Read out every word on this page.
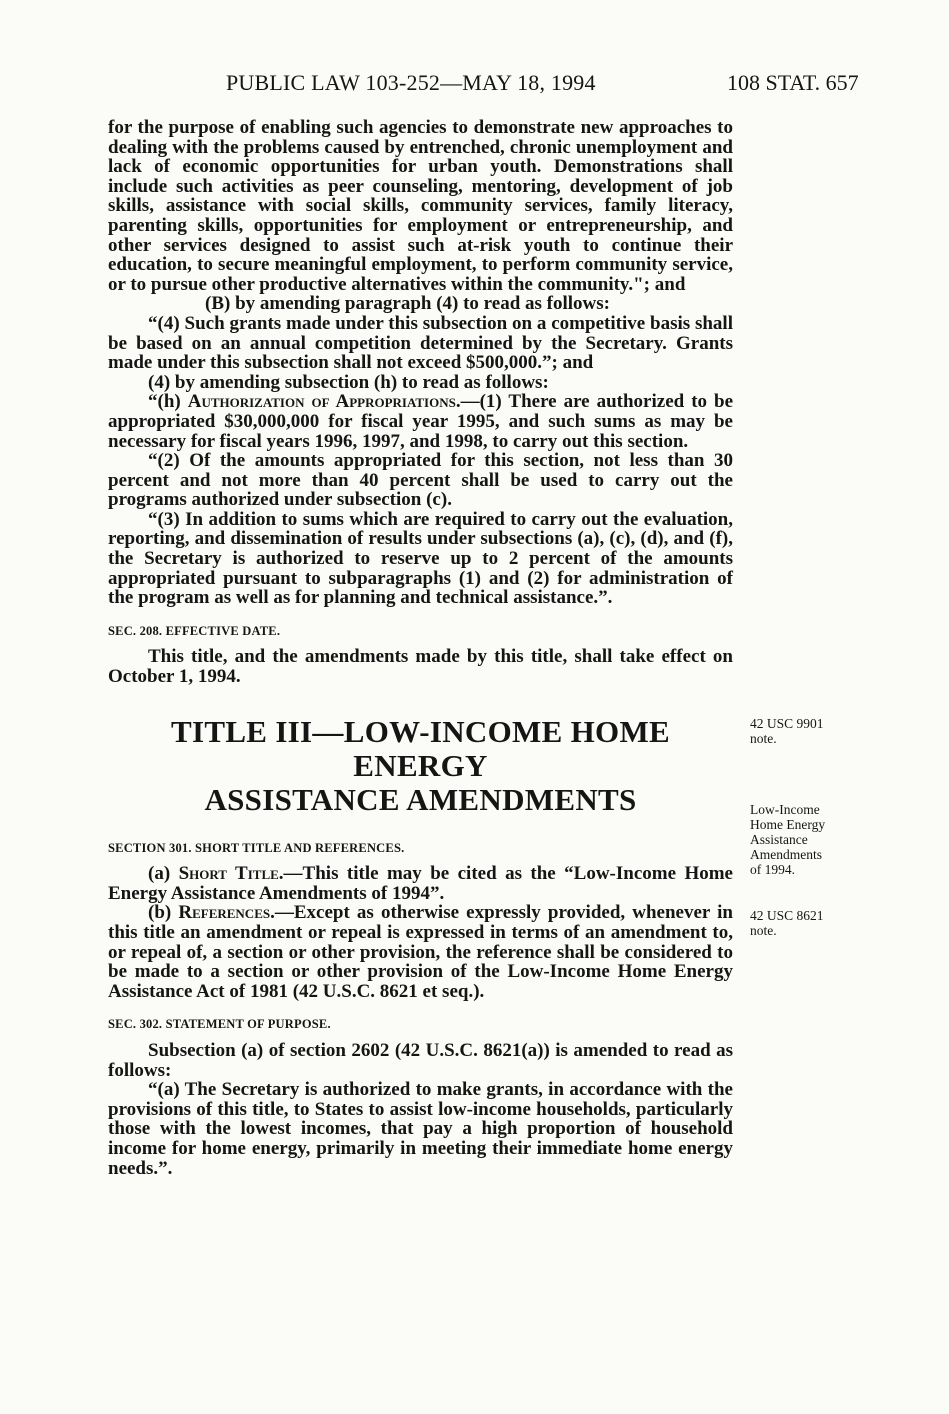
PUBLIC LAW 103-252—MAY 18, 1994	108 STAT. 657

for the purpose of enabling such agencies to demonstrate new approaches to dealing with the problems caused by entrenched, chronic unemployment and lack of economic opportunities for urban youth. Demonstrations shall include such activities as peer counseling, mentoring, development of job skills, assistance with social skills, community services, family literacy, parenting skills, opportunities for employment or entrepreneurship, and other services designed to assist such at-risk youth to continue their education, to secure meaningful employment, to perform community service, or to pursue other productive alternatives within the community."; and

(B) by amending paragraph (4) to read as follows:

“(4) Such grants made under this subsection on a competitive basis shall be based on an annual competition determined by the Secretary. Grants made under this subsection shall not exceed $500,000.”; and

(4) by amending subsection (h) to read as follows:

“(h) Authorization of Appropriations.—(1) There are authorized to be appropriated $30,000,000 for fiscal year 1995, and such sums as may be necessary for fiscal years 1996, 1997, and 1998, to carry out this section.

“(2) Of the amounts appropriated for this section, not less than 30 percent and not more than 40 percent shall be used to carry out the programs authorized under subsection (c).

“(3) In addition to sums which are required to carry out the evaluation, reporting, and dissemination of results under subsections (a), (c), (d), and (f), the Secretary is authorized to reserve up to 2 percent of the amounts appropriated pursuant to subparagraphs (1) and (2) for administration of the program as well as for planning and technical assistance.”.

SEC. 208. EFFECTIVE DATE.

This title, and the amendments made by this title, shall take effect on October 1, 1994.

TITLE III—LOW-INCOME HOME ENERGY
ASSISTANCE AMENDMENTS
SECTION 301. SHORT TITLE AND REFERENCES.

(a) Short Title.—This title may be cited as the “Low-Income Home Energy Assistance Amendments of 1994”.

(b) References.—Except as otherwise expressly provided, whenever in this title an amendment or repeal is expressed in terms of an amendment to, or repeal of, a section or other provision, the reference shall be considered to be made to a section or other provision of the Low-Income Home Energy Assistance Act of 1981 (42 U.S.C. 8621 et seq.).

SEC. 302. STATEMENT OF PURPOSE.

Subsection (a) of section 2602 (42 U.S.C. 8621(a)) is amended to read as follows:

“(a) The Secretary is authorized to make grants, in accordance with the provisions of this title, to States to assist low-income households, particularly those with the lowest incomes, that pay a high proportion of household income for home energy, primarily in meeting their immediate home energy needs.”.

42 USC 9901
note.
Low-Income
Home Energy
Assistance
Amendments
of 1994.
42 USC 8621
note.
